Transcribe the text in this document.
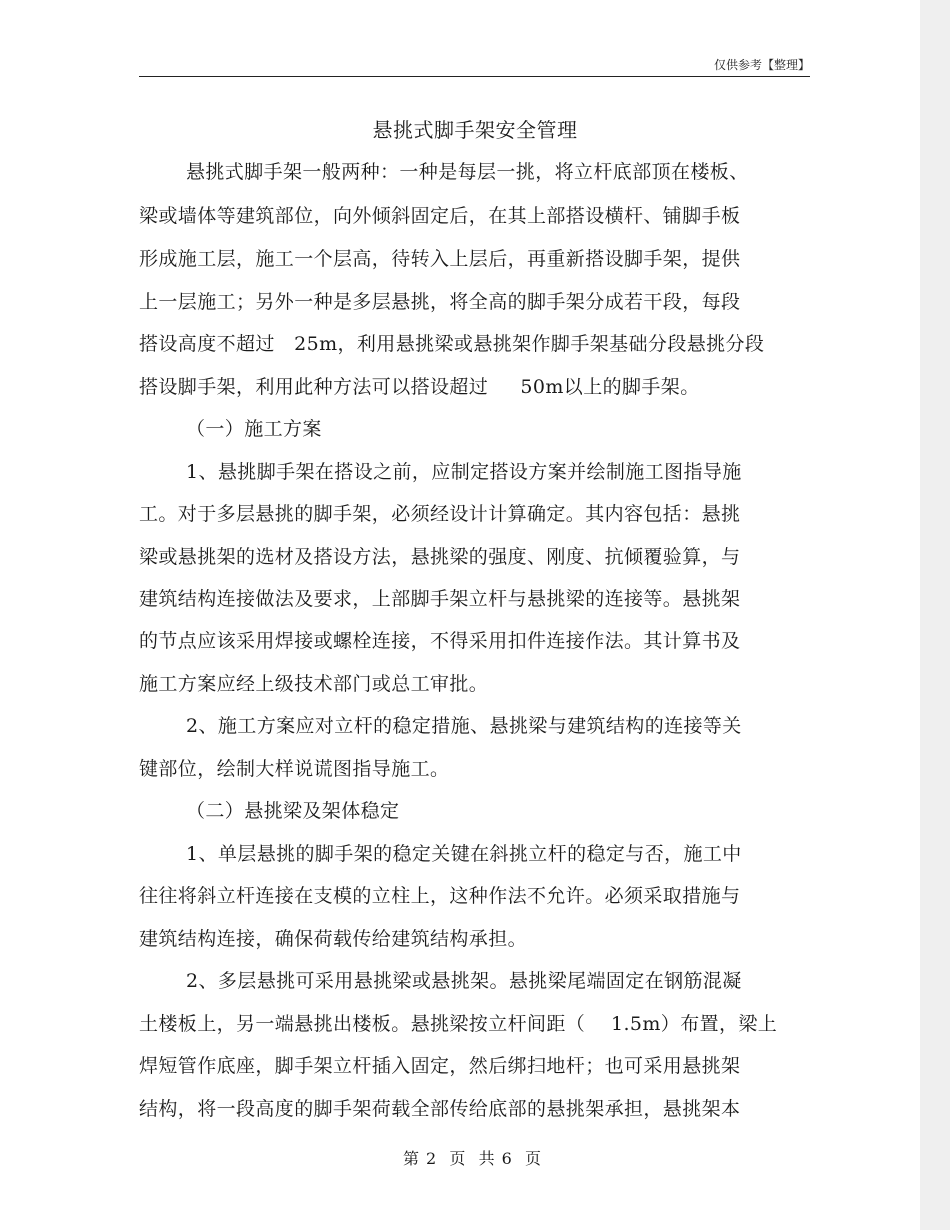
仅供参考【整理】
悬挑式脚手架安全管理
悬挑式脚手架一般两种：一种是每层一挑，将立杆底部顶在楼板、
梁或墙体等建筑部位，向外倾斜固定后，在其上部搭设横杆、铺脚手板
形成施工层，施工一个层高，待转入上层后，再重新搭设脚手架，提供
上一层施工；另外一种是多层悬挑，将全高的脚手架分成若干段，每段
搭设高度不超过   25m，利用悬挑梁或悬挑架作脚手架基础分段悬挑分段
搭设脚手架，利用此种方法可以搭设超过     50m以上的脚手架。
（一）施工方案
1、悬挑脚手架在搭设之前，应制定搭设方案并绘制施工图指导施
工。对于多层悬挑的脚手架，必须经设计计算确定。其内容包括：悬挑
梁或悬挑架的选材及搭设方法，悬挑梁的强度、刚度、抗倾覆验算，与
建筑结构连接做法及要求，上部脚手架立杆与悬挑梁的连接等。悬挑架
的节点应该采用焊接或螺栓连接，不得采用扣件连接作法。其计算书及
施工方案应经上级技术部门或总工审批。
2、施工方案应对立杆的稳定措施、悬挑梁与建筑结构的连接等关
键部位，绘制大样说谎图指导施工。
（二）悬挑梁及架体稳定
1、单层悬挑的脚手架的稳定关键在斜挑立杆的稳定与否，施工中
往往将斜立杆连接在支模的立柱上，这种作法不允许。必须采取措施与
建筑结构连接，确保荷载传给建筑结构承担。
2、多层悬挑可采用悬挑梁或悬挑架。悬挑梁尾端固定在钢筋混凝
土楼板上，另一端悬挑出楼板。悬挑梁按立杆间距（    1.5m）布置，梁上
焊短管作底座，脚手架立杆插入固定，然后绑扫地杆；也可采用悬挑架
结构，将一段高度的脚手架荷载全部传给底部的悬挑架承担，悬挑架本
第 2  页  共 6  页
